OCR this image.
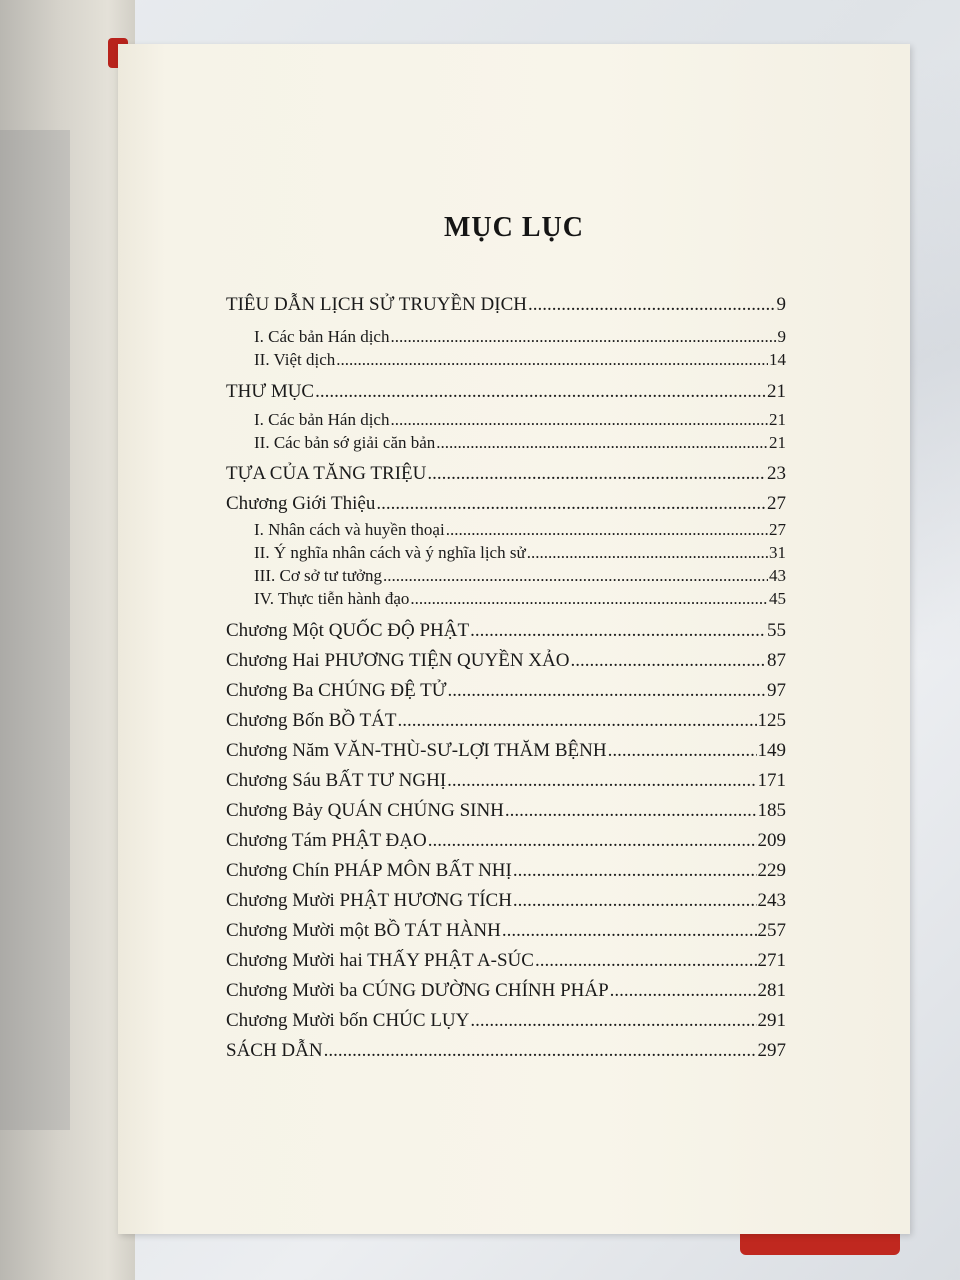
MỤC LỤC
TIÊU DẪN LỊCH SỬ TRUYỀN DỊCH .....	9
I. Các bản Hán dịch .....	9
II. Việt dịch .....	14
THƯ MỤC .....	21
I. Các bản Hán dịch .....	21
II. Các bản sớ giải căn bản .....	21
TỰA CỦA TĂNG TRIỆU .....	23
Chương Giới Thiệu .....	27
I. Nhân cách và huyền thoại .....	27
II. Ý nghĩa nhân cách và ý nghĩa lịch sử .....	31
III. Cơ sở tư tưởng .....	43
IV. Thực tiễn hành đạo .....	45
Chương Một QUỐC ĐỘ PHẬT .....	55
Chương Hai PHƯƠNG TIỆN QUYỀN XẢO .....	87
Chương Ba CHÚNG ĐỆ TỬ .....	97
Chương Bốn BỒ TÁT .....	125
Chương Năm VĂN-THÙ-SƯ-LỢI THĂM BỆNH .....	149
Chương Sáu BẤT TƯ NGHỊ .....	171
Chương Bảy QUÁN CHÚNG SINH .....	185
Chương Tám PHẬT ĐẠO .....	209
Chương Chín PHÁP MÔN BẤT NHỊ .....	229
Chương Mười PHẬT HƯƠNG TÍCH .....	243
Chương Mười một BỒ TÁT HÀNH .....	257
Chương Mười hai THẤY PHẬT A-SÚC .....	271
Chương Mười ba CÚNG DƯỜNG CHÍNH PHÁP .....	281
Chương Mười bốn CHÚC LỤY .....	291
SÁCH DẪN .....	297
